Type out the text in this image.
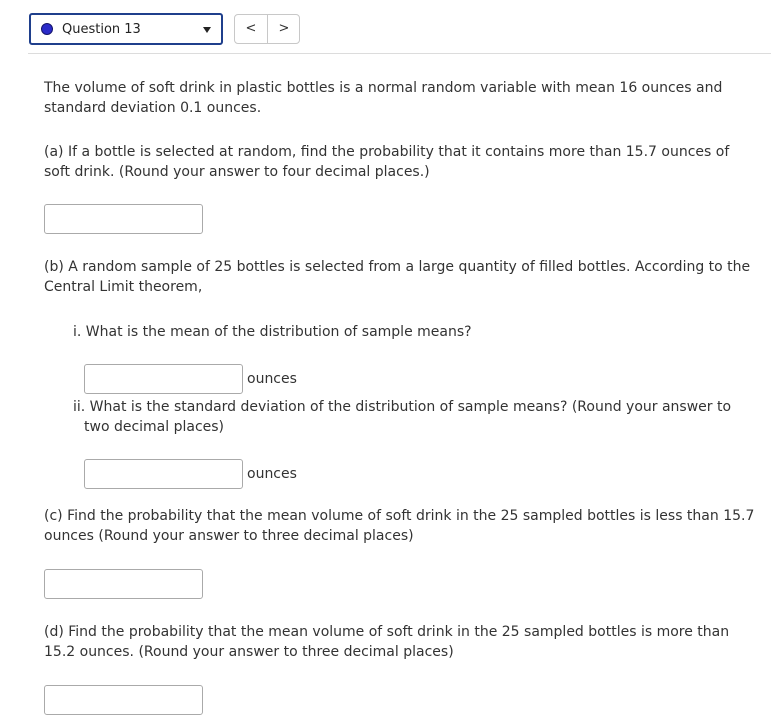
Question 13	<	>

The volume of soft drink in plastic bottles is a normal random variable with mean 16 ounces and standard deviation 0.1 ounces.

(a) If a bottle is selected at random, find the probability that it contains more than 15.7 ounces of soft drink. (Round your answer to four decimal places.)

(b) A random sample of 25 bottles is selected from a large quantity of filled bottles. According to the Central Limit theorem,

i. What is the mean of the distribution of sample means?

ounces

ii. What is the standard deviation of the distribution of sample means? (Round your answer to two decimal places)

ounces

(c) Find the probability that the mean volume of soft drink in the 25 sampled bottles is less than 15.7 ounces (Round your answer to three decimal places)

(d) Find the probability that the mean volume of soft drink in the 25 sampled bottles is more than 15.2 ounces. (Round your answer to three decimal places)
